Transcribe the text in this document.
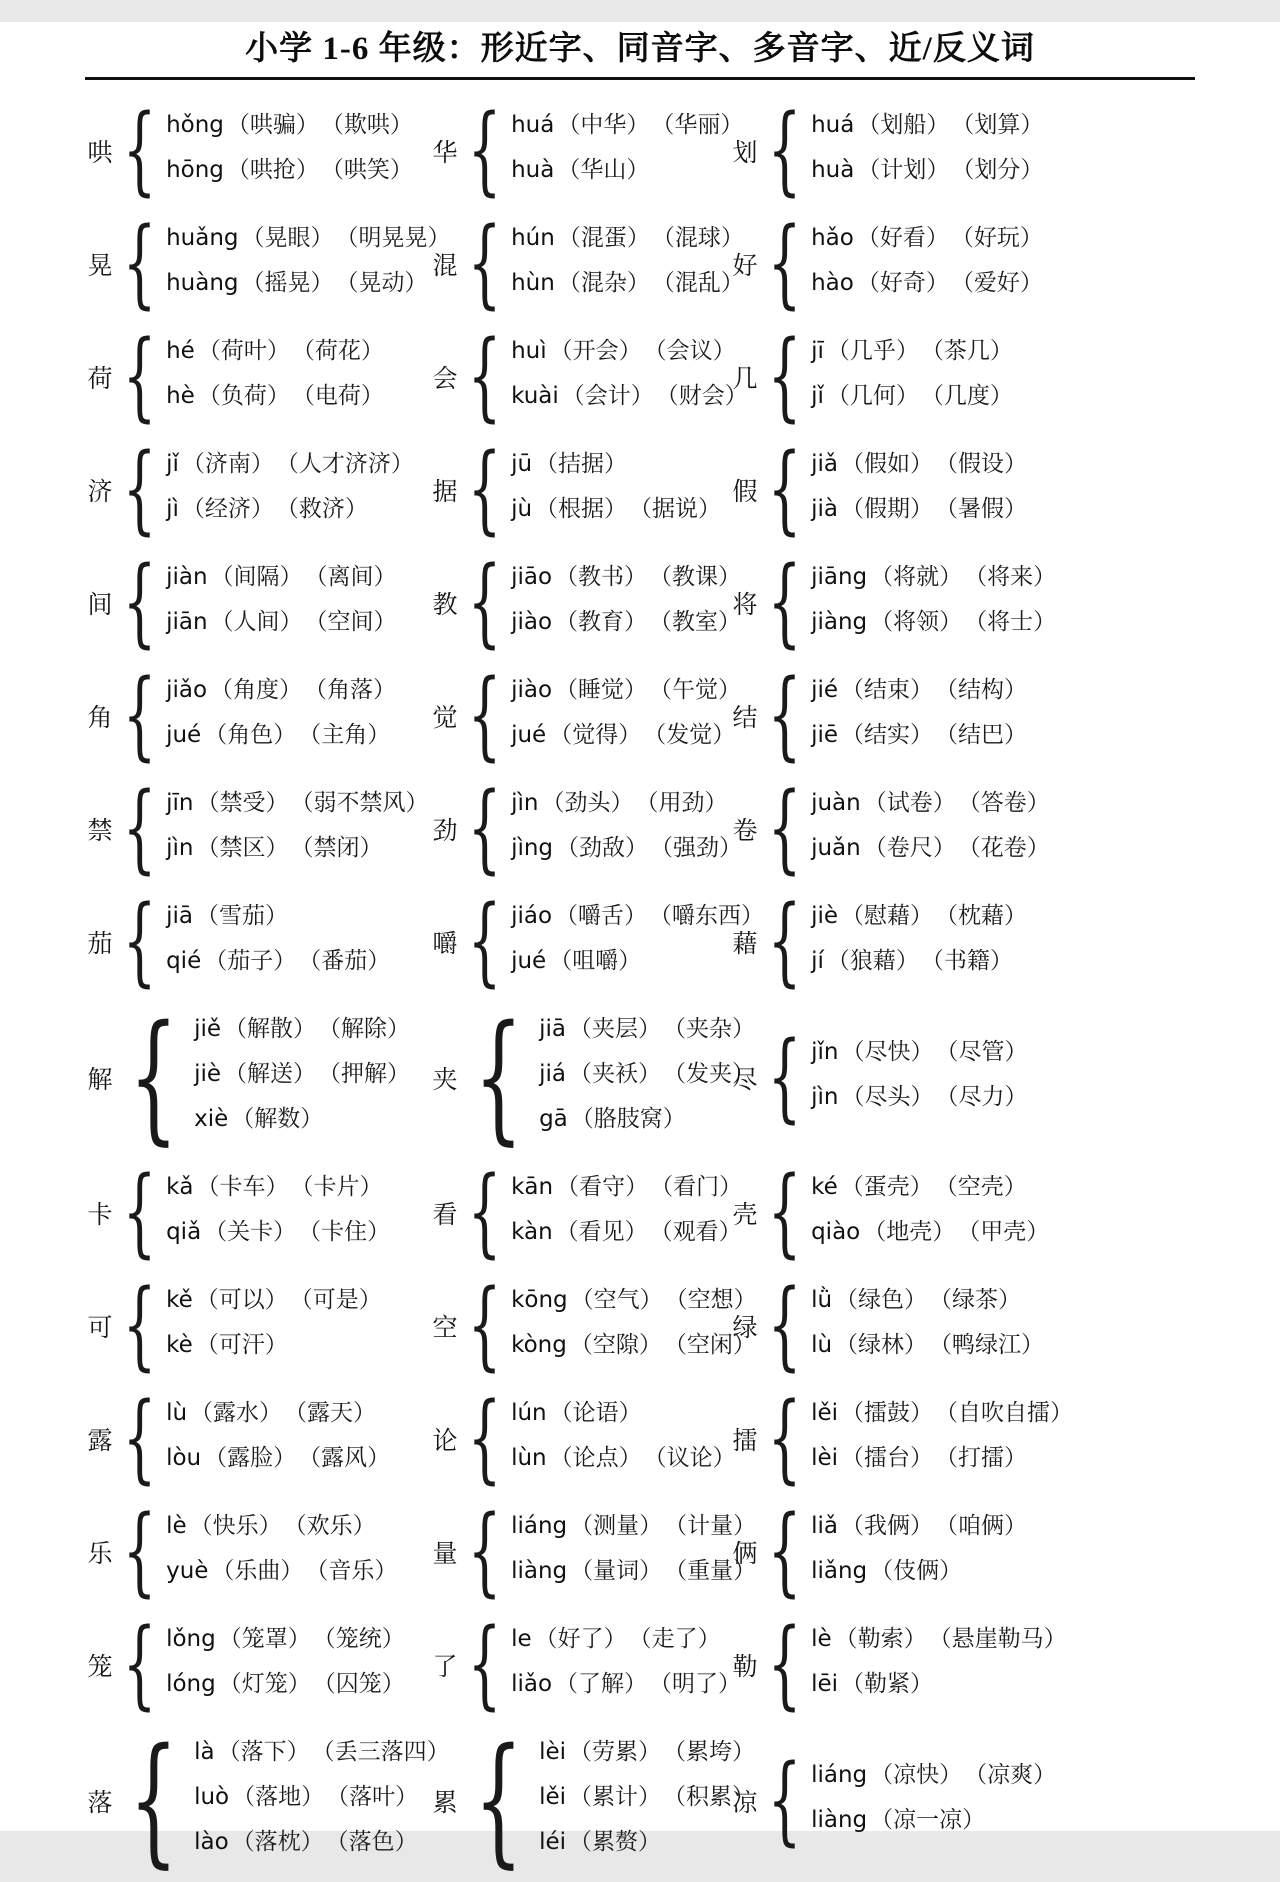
小学 1-6 年级：形近字、同音字、多音字、近/反义词
哄 { hǒng	（ 哄骗 ）	（ 欺哄 ）
hōng	（ 哄抢 ）	（ 哄笑 ）
华 { huá	（ 中华 ）	（ 华丽 ）
huà	（ 华山 ）
划 { huá	（ 划船 ）	（ 划算 ）
huà	（ 计划 ）	（ 划分 ）
晃 { huǎng	（ 晃眼 ）	（ 明晃晃 ）
huàng	（ 摇晃 ）	（ 晃动 ）
混 { hún	（ 混蛋 ）	（ 混球 ）
hùn	（ 混杂 ）	（ 混乱 ）
好 { hǎo	（ 好看 ）	（ 好玩 ）
hào	（ 好奇 ）	（ 爱好 ）
荷 { hé	（ 荷叶 ）	（ 荷花 ）
hè	（ 负荷 ）	（ 电荷 ）
会 { huì	（ 开会 ）	（ 会议 ）
kuài	（ 会计 ）	（ 财会 ）
几 { jī	（ 几乎 ）	（ 茶几 ）
jǐ	（ 几何 ）	（ 几度 ）
济 { jǐ	（ 济南 ）	（ 人才济济 ）
jì	（ 经济 ）	（ 救济 ）
据 { jū	（ 拮据 ）
jù	（ 根据 ）	（ 据说 ）
假 { jiǎ	（ 假如 ）	（ 假设 ）
jià	（ 假期 ）	（ 暑假 ）
间 { jiàn	（ 间隔 ）	（ 离间 ）
jiān	（ 人间 ）	（ 空间 ）
教 { jiāo	（ 教书 ）	（ 教课 ）
jiào	（ 教育 ）	（ 教室 ）
将 { jiāng	（ 将就 ）	（ 将来 ）
jiàng	（ 将领 ）	（ 将士 ）
角 { jiǎo	（ 角度 ）	（ 角落 ）
jué	（ 角色 ）	（ 主角 ）
觉 { jiào	（ 睡觉 ）	（ 午觉 ）
jué	（ 觉得 ）	（ 发觉 ）
结 { jié	（ 结束 ）	（ 结构 ）
jiē	（ 结实 ）	（ 结巴 ）
禁 { jīn	（ 禁受 ）	（ 弱不禁风 ）
jìn	（ 禁区 ）	（ 禁闭 ）
劲 { jìn	（ 劲头 ）	（ 用劲 ）
jìng	（ 劲敌 ）	（ 强劲 ）
卷 { juàn	（ 试卷 ）	（ 答卷 ）
juǎn	（ 卷尺 ）	（ 花卷 ）
茄 { jiā	（ 雪茄 ）
qié	（ 茄子 ）	（ 番茄 ）
嚼 { jiáo	（ 嚼舌 ）	（ 嚼东西 ）
jué	（ 咀嚼 ）
藉 { jiè	（ 慰藉 ）	（ 枕藉 ）
jí	（ 狼藉 ）	（ 书籍 ）
解 { jiě	（ 解散 ）	（ 解除 ）
jiè	（ 解送 ）	（ 押解 ）
xiè	（ 解数 ）
夹 { jiā	（ 夹层 ）	（ 夹杂 ）
jiá	（ 夹袄 ）	（ 发夹 ）
gā	（ 胳肢窝 ）
尽 { jǐn	（ 尽快 ）	（ 尽管 ）
jìn	（ 尽头 ）	（ 尽力 ）
卡 { kǎ	（ 卡车 ）	（ 卡片 ）
qiǎ	（ 关卡 ）	（ 卡住 ）
看 { kān	（ 看守 ）	（ 看门 ）
kàn	（ 看见 ）	（ 观看 ）
壳 { ké	（ 蛋壳 ）	（ 空壳 ）
qiào	（ 地壳 ）	（ 甲壳 ）
可 { kě	（ 可以 ）	（ 可是 ）
kè	（ 可汗 ）
空 { kōng	（ 空气 ）	（ 空想 ）
kòng	（ 空隙 ）	（ 空闲 ）
绿 { lǜ	（ 绿色 ）	（ 绿茶 ）
lù	（ 绿林 ）	（ 鸭绿江 ）
露 { lù	（ 露水 ）	（ 露天 ）
lòu	（ 露脸 ）	（ 露风 ）
论 { lún	（ 论语 ）
lùn	（ 论点 ）	（ 议论 ）
擂 { lěi	（ 擂鼓 ）	（ 自吹自擂 ）
lèi	（ 擂台 ）	（ 打擂 ）
乐 { lè	（ 快乐 ）	（ 欢乐 ）
yuè	（ 乐曲 ）	（ 音乐 ）
量 { liáng	（ 测量 ）	（ 计量 ）
liàng	（ 量词 ）	（ 重量 ）
俩 { liǎ	（ 我俩 ）	（ 咱俩 ）
liǎng	（ 伎俩 ）
笼 { lǒng	（ 笼罩 ）	（ 笼统 ）
lóng	（ 灯笼 ）	（ 囚笼 ）
了 { le	（ 好了 ）	（ 走了 ）
liǎo	（ 了解 ）	（ 明了 ）
勒 { lè	（ 勒索 ）	（ 悬崖勒马 ）
lēi	（ 勒紧 ）
落 { là	（ 落下 ）	（ 丢三落四 ）
luò	（ 落地 ）	（ 落叶 ）
lào	（ 落枕 ）	（ 落色 ）
累 { lèi	（ 劳累 ）	（ 累垮 ）
lěi	（ 累计 ）	（ 积累 ）
léi	（ 累赘 ）
凉 { liáng	（ 凉快 ）	（ 凉爽 ）
liàng	（ 凉一凉 ）
